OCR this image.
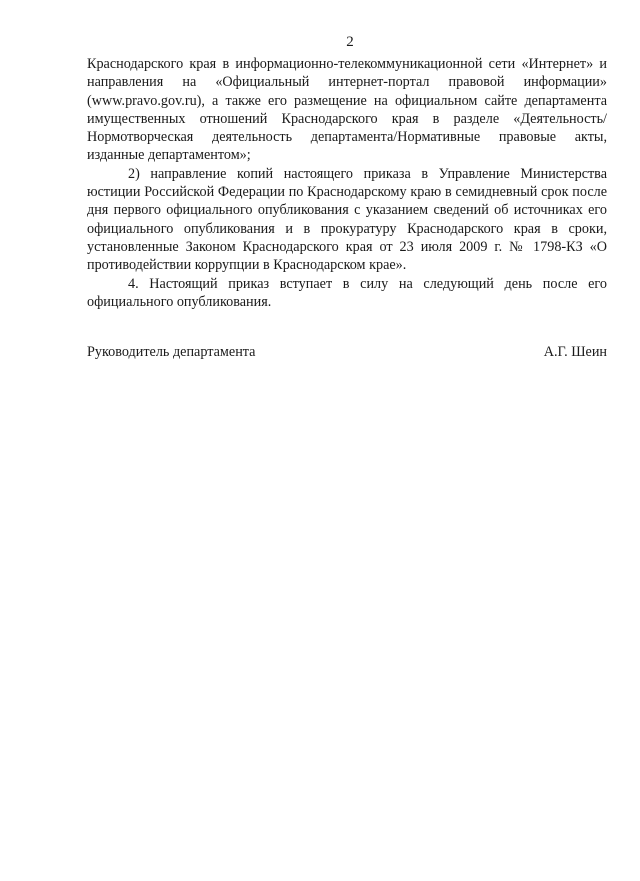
2

Краснодарского края в информационно-телекоммуникационной сети «Интернет» и направления на «Официальный интернет-портал правовой информации» (www.pravo.gov.ru), а также его размещение на официальном сайте департамента имущественных отношений Краснодарского края в разделе «Деятельность/Нормотворческая деятельность департамента/Нормативные правовые акты, изданные департаментом»;

2) направление копий настоящего приказа в Управление Министерства юстиции Российской Федерации по Краснодарскому краю в семидневный срок после дня первого официального опубликования с указанием сведений об источниках его официального опубликования и в прокуратуру Краснодарского края в сроки, установленные Законом Краснодарского края от 23 июля 2009 г. № 1798-КЗ «О противодействии коррупции в Краснодарском крае».

4. Настоящий приказ вступает в силу на следующий день после его официального опубликования.

Руководитель департамента	А.Г. Шеин
